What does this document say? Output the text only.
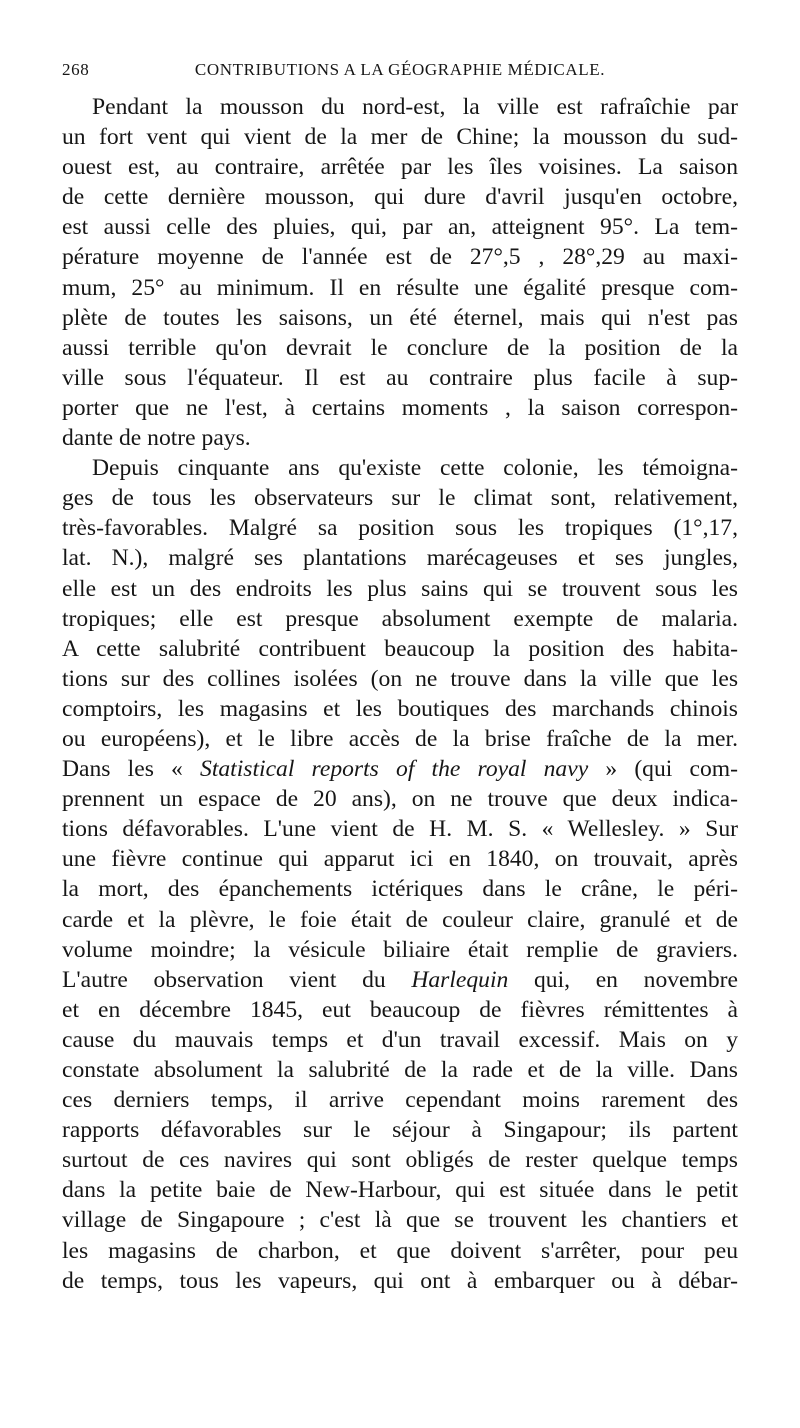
268	CONTRIBUTIONS A LA GÉOGRAPHIE MÉDICALE.
Pendant la mousson du nord-est, la ville est rafraîchie par
un fort vent qui vient de la mer de Chine; la mousson du sud-
ouest est, au contraire, arrêtée par les îles voisines. La saison
de cette dernière mousson, qui dure d'avril jusqu'en octobre,
est aussi celle des pluies, qui, par an, atteignent 95°. La tem-
pérature moyenne de l'année est de 27°,5 , 28°,29 au maxi-
mum, 25° au minimum. Il en résulte une égalité presque com-
plète de toutes les saisons, un été éternel, mais qui n'est pas
aussi terrible qu'on devrait le conclure de la position de la
ville sous l'équateur. Il est au contraire plus facile à sup-
porter que ne l'est, à certains moments , la saison correspon-
dante de notre pays.
Depuis cinquante ans qu'existe cette colonie, les témoigna-
ges de tous les observateurs sur le climat sont, relativement,
très-favorables. Malgré sa position sous les tropiques (1°,17,
lat. N.), malgré ses plantations marécageuses et ses jungles,
elle est un des endroits les plus sains qui se trouvent sous les
tropiques; elle est presque absolument exempte de malaria.
A cette salubrité contribuent beaucoup la position des habita-
tions sur des collines isolées (on ne trouve dans la ville que les
comptoirs, les magasins et les boutiques des marchands chinois
ou européens), et le libre accès de la brise fraîche de la mer.
Dans les « Statistical reports of the royal navy » (qui com-
prennent un espace de 20 ans), on ne trouve que deux indica-
tions défavorables. L'une vient de H. M. S. « Wellesley. » Sur
une fièvre continue qui apparut ici en 1840, on trouvait, après
la mort, des épanchements ictériques dans le crâne, le péri-
carde et la plèvre, le foie était de couleur claire, granulé et de
volume moindre; la vésicule biliaire était remplie de graviers.
L'autre observation vient du Harlequin qui, en novembre
et en décembre 1845, eut beaucoup de fièvres rémittentes à
cause du mauvais temps et d'un travail excessif. Mais on y
constate absolument la salubrité de la rade et de la ville. Dans
ces derniers temps, il arrive cependant moins rarement des
rapports défavorables sur le séjour à Singapour; ils partent
surtout de ces navires qui sont obligés de rester quelque temps
dans la petite baie de New-Harbour, qui est située dans le petit
village de Singapoure ; c'est là que se trouvent les chantiers et
les magasins de charbon, et que doivent s'arrêter, pour peu
de temps, tous les vapeurs, qui ont à embarquer ou à débar-
